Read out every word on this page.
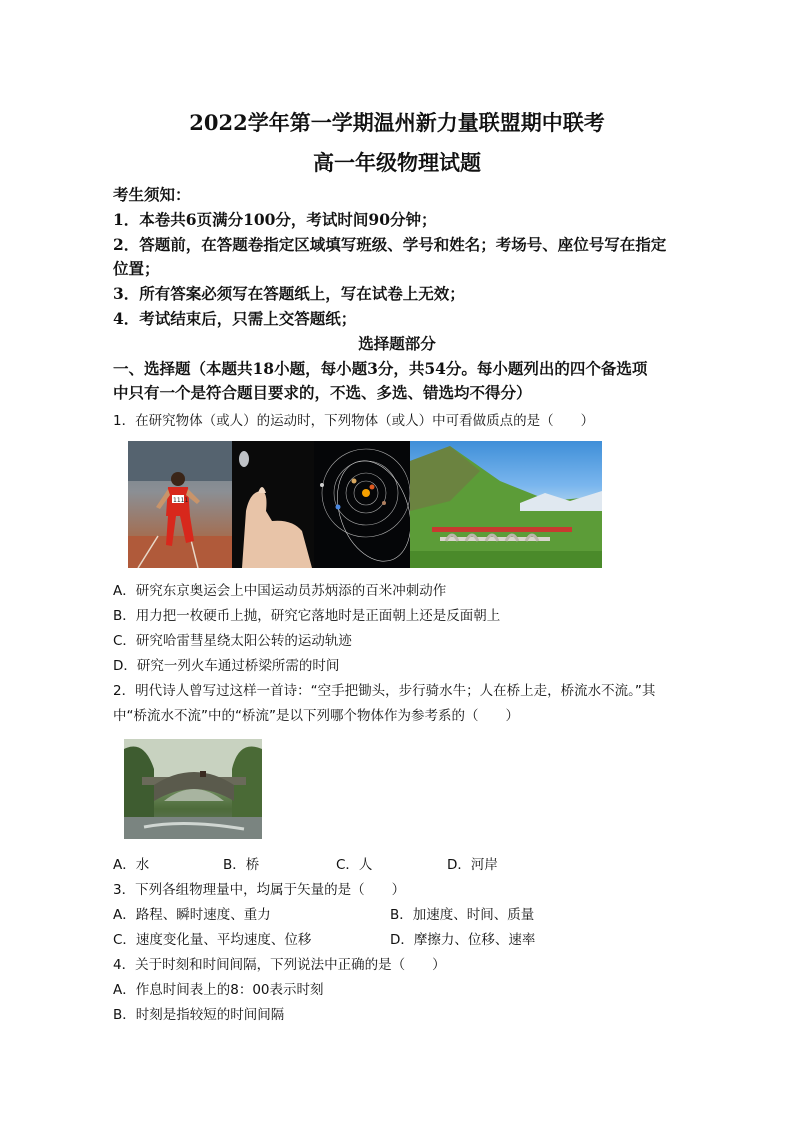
2022学年第一学期温州新力量联盟期中联考
高一年级物理试题
考生须知：
1．本卷共6页满分100分，考试时间90分钟；
2．答题前，在答题卷指定区域填写班级、学号和姓名；考场号、座位号写在指定
位置；
3．所有答案必须写在答题纸上，写在试卷上无效；
4．考试结束后，只需上交答题纸；
选择题部分
一、选择题（本题共18小题，每小题3分，共54分。每小题列出的四个备选项
中只有一个是符合题目要求的，不选、多选、错选均不得分）
1．在研究物体（或人）的运动时，下列物体（或人）中可看做质点的是（　　）
1111
A．研究东京奥运会上中国运动员苏炳添的百米冲刺动作
B．用力把一枚硬币上抛，研究它落地时是正面朝上还是反面朝上
C．研究哈雷彗星绕太阳公转的运动轨迹
D．研究一列火车通过桥梁所需的时间
2．明代诗人曾写过这样一首诗：“空手把锄头，步行骑水牛；人在桥上走，桥流水不流。”其
中“桥流水不流”中的“桥流”是以下列哪个物体作为参考系的（　　）
A．水	B．桥	C．人	D．河岸
3．下列各组物理量中，均属于矢量的是（　　）
A．路程、瞬时速度、重力	B．加速度、时间、质量
C．速度变化量、平均速度、位移	D．摩擦力、位移、速率
4．关于时刻和时间间隔，下列说法中正确的是（　　）
A．作息时间表上的8：00表示时刻
B．时刻是指较短的时间间隔
